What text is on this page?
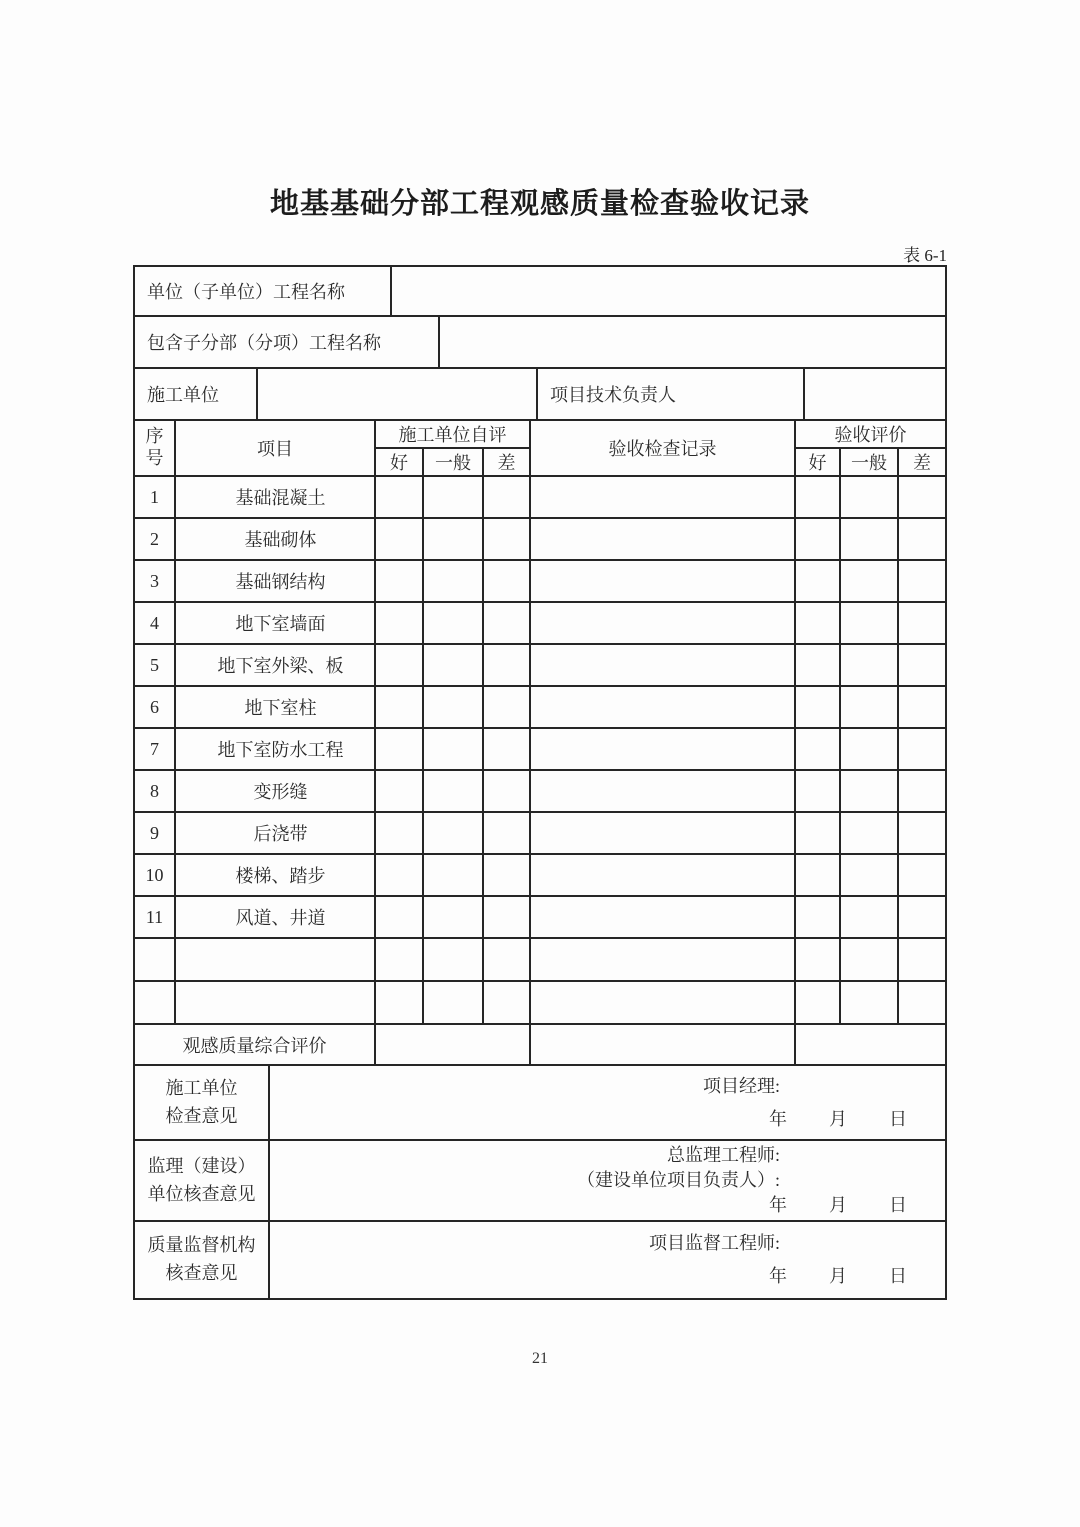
地基基础分部工程观感质量检查验收记录
表 6-1
单位（子单位）工程名称
包含子分部（分项）工程名称
施工单位	项目技术负责人
序
号	项目	施工单位自评			验收检查记录	验收评价		
		好	一般	差		好	一般	差
1	基础混凝土							
2	基础砌体							
3	基础钢结构							
4	地下室墙面							
5	地下室外梁、板							
6	地下室柱							
7	地下室防水工程							
8	变形缝							
9	后浇带							
10	楼梯、踏步							
11	风道、井道							

观感质量综合评价								
施工单位
检查意见
项目经理:
年 月 日
监理（建设）
单位核查意见
总监理工程师:
（建设单位项目负责人）:
年 月 日
质量监督机构
核查意见
项目监督工程师:
年 月 日
21
